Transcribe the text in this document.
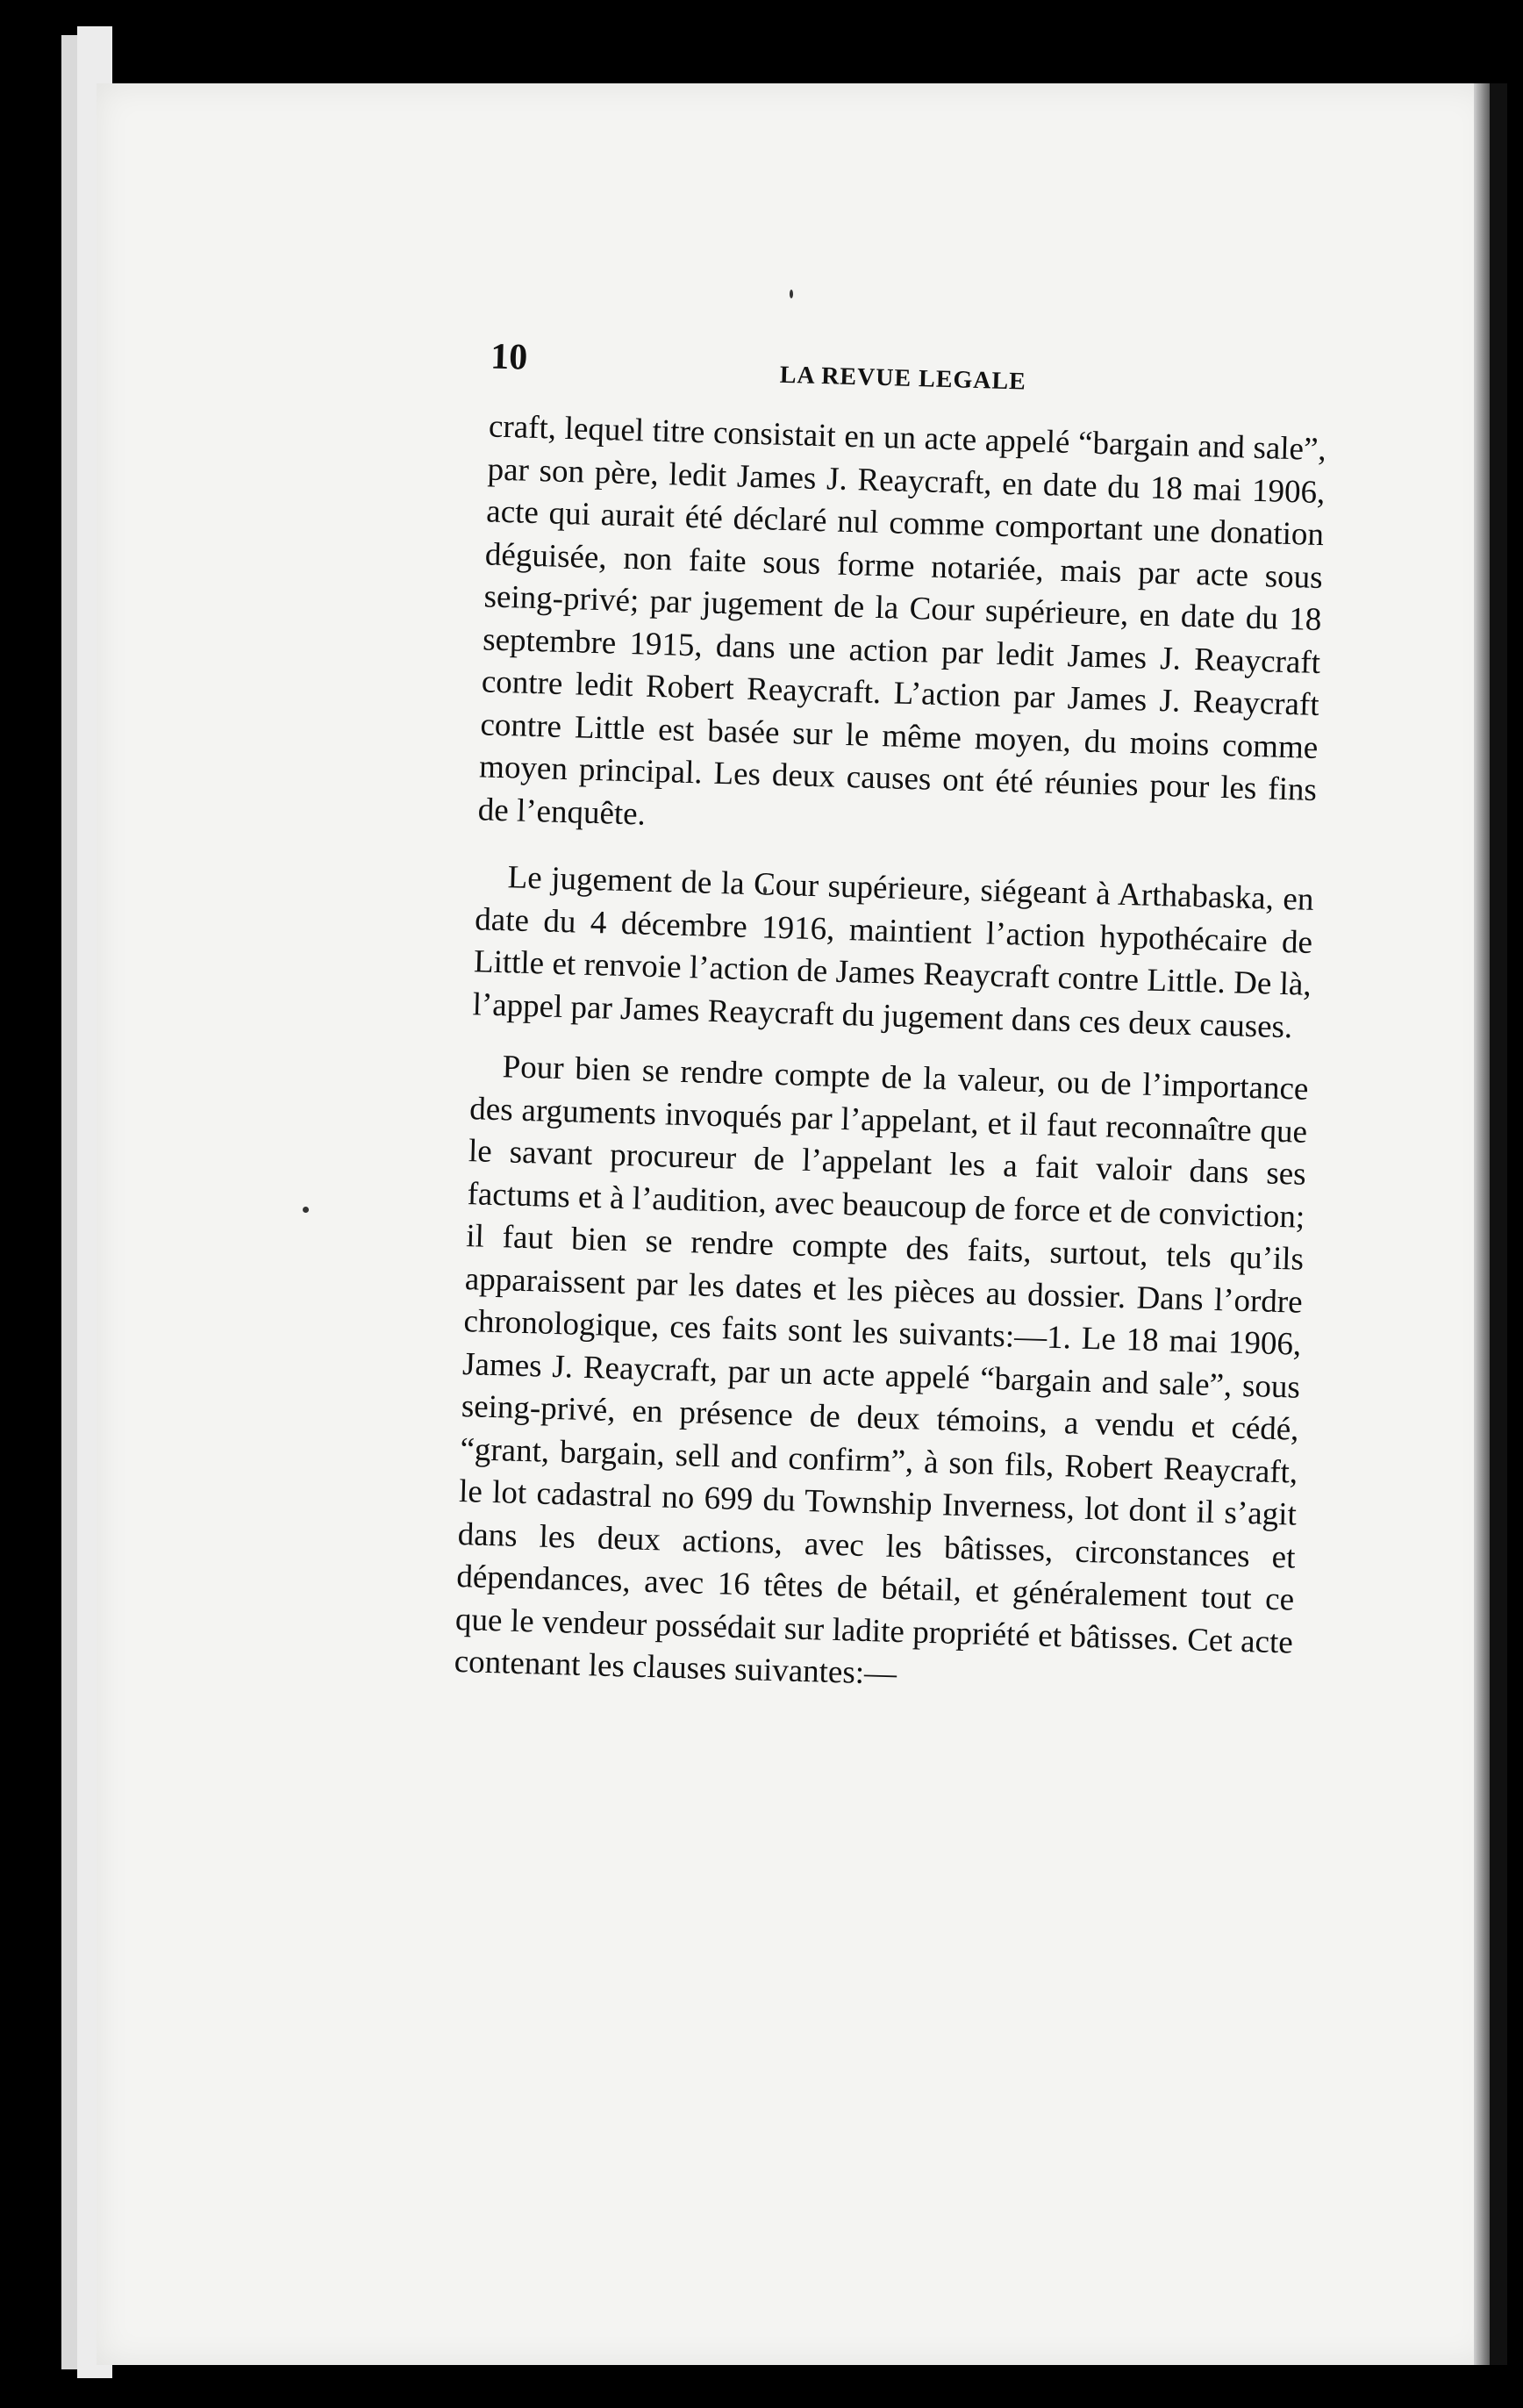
10
LA REVUE LEGALE

craft, lequel titre consistait en un acte appelé “bargain and sale”, par son père, ledit James J. Reaycraft, en date du 18 mai 1906, acte qui aurait été déclaré nul comme comportant une donation déguisée, non faite sous forme notariée, mais par acte sous seing-privé; par jugement de la Cour supérieure, en date du 18 septembre 1915, dans une action par ledit James J. Reaycraft contre ledit Robert Reaycraft. L’action par James J. Reaycraft contre Little est basée sur le même moyen, du moins comme moyen principal. Les deux causes ont été réunies pour les fins de l’enquête.

Le jugement de la Cour supérieure, siégeant à Arthabaska, en date du 4 décembre 1916, maintient l’action hypothécaire de Little et renvoie l’action de James Reaycraft contre Little. De là, l’appel par James Reaycraft du jugement dans ces deux causes.

Pour bien se rendre compte de la valeur, ou de l’importance des arguments invoqués par l’appelant, et il faut reconnaître que le savant procureur de l’appelant les a fait valoir dans ses factums et à l’audition, avec beaucoup de force et de conviction; il faut bien se rendre compte des faits, surtout, tels qu’ils apparaissent par les dates et les pièces au dossier. Dans l’ordre chronologique, ces faits sont les suivants:—1. Le 18 mai 1906, James J. Reaycraft, par un acte appelé “bargain and sale”, sous seing-privé, en présence de deux témoins, a vendu et cédé, “grant, bargain, sell and confirm”, à son fils, Robert Reaycraft, le lot cadastral no 699 du Township Inverness, lot dont il s’agit dans les deux actions, avec les bâtisses, circonstances et dépendances, avec 16 têtes de bétail, et généralement tout ce que le vendeur possédait sur ladite propriété et bâtisses. Cet acte contenant les clauses suivantes:—
